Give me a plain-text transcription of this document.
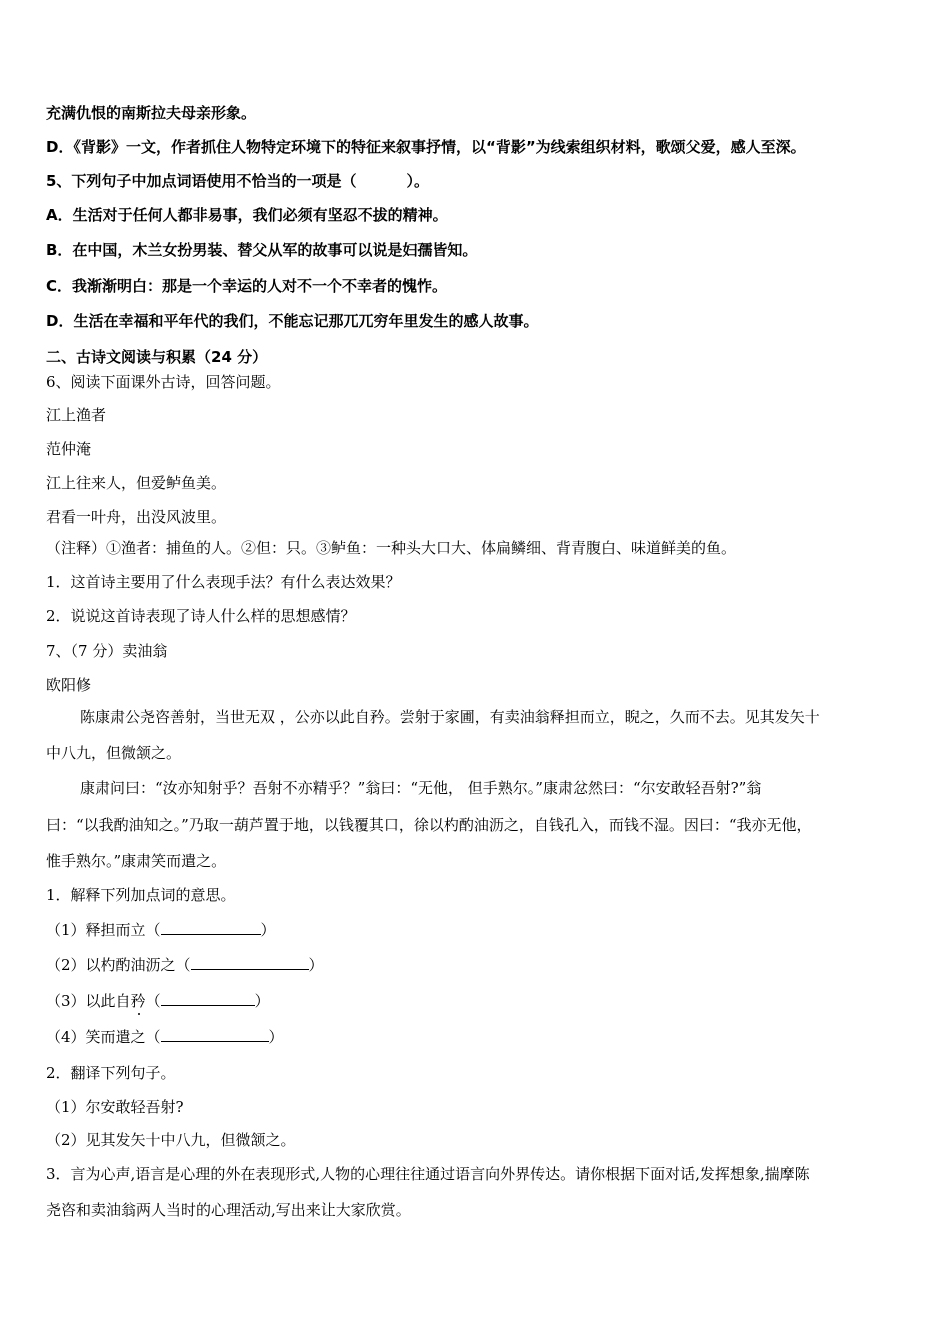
充满仇恨的南斯拉夫母亲形象。
D．《背影》一文，作者抓住人物特定环境下的特征来叙事抒情，以“背影”为线索组织材料，歌颂父爱，感人至深。
5、下列句子中加点词语使用不恰当的一项是（	）。
A．生活对于任何人都非易事，我们必须有坚忍不拔的精神。
B．在中国，木兰女扮男装、替父从军的故事可以说是妇孺皆知。
C．我渐渐明白：那是一个幸运的人对不一个不幸者的愧怍。
D．生活在幸福和平年代的我们，不能忘记那兀兀穷年里发生的感人故事。
二、古诗文阅读与积累（24 分）
6、阅读下面课外古诗，回答问题。
江上渔者
范仲淹
江上往来人，但爱鲈鱼美。
君看一叶舟，出没风波里。
（注释）①渔者：捕鱼的人。②但：只。③鲈鱼：一种头大口大、体扁鳞细、背青腹白、味道鲜美的鱼。
1．这首诗主要用了什么表现手法？有什么表达效果？
2．说说这首诗表现了诗人什么样的思想感情？
7、（7 分）卖油翁
欧阳修
陈康肃公尧咨善射，当世无双 ，公亦以此自矜。尝射于家圃，有卖油翁释担而立，睨之，久而不去。见其发矢十
中八九，但微颔之。
康肃问曰：“汝亦知射乎？吾射不亦精乎？”翁曰：“无他， 但手熟尔。”康肃忿然曰：“尔安敢轻吾射?”翁
曰：“以我酌油知之。”乃取一葫芦置于地，以钱覆其口，徐以杓酌油沥之，自钱孔入，而钱不湿。因曰：“我亦无他，
惟手熟尔。”康肃笑而遣之。
1．解释下列加点词的意思。
（1）释担而立（	）
（2）以杓酌油沥之（	）
（3）以此自矜（	）
（4）笑而遣之（	）
2．翻译下列句子。
（1）尔安敢轻吾射?
（2）见其发矢十中八九，但微颔之。
3．言为心声,语言是心理的外在表现形式,人物的心理往往通过语言向外界传达。请你根据下面对话,发挥想象,揣摩陈
尧咨和卖油翁两人当时的心理活动,写出来让大家欣赏。
